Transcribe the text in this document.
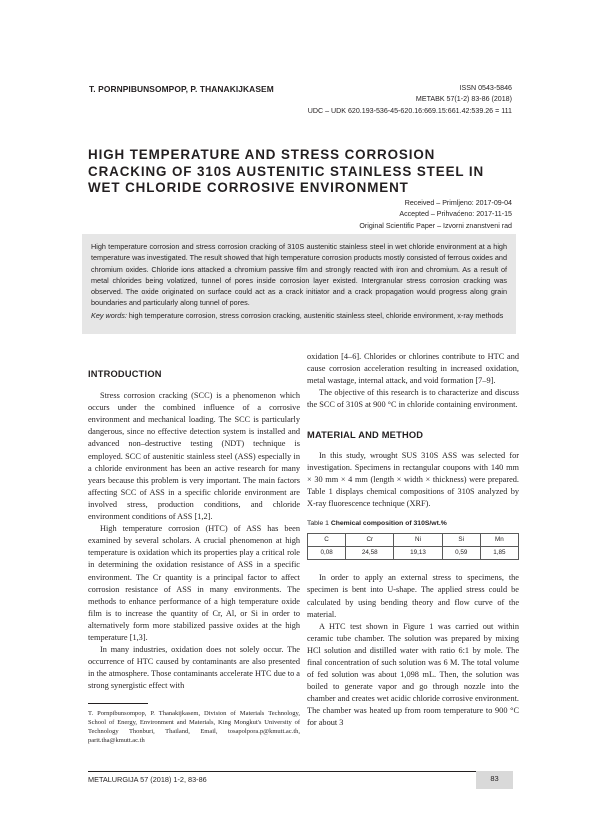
T. PORNPIBUNSOMPOP, P. THANAKIJKASEM	ISSN 0543-5846
METABK 57(1-2) 83-86 (2018)
UDC – UDK 620.193-536-45-620.16:669.15:661.42:539.26 = 111
HIGH TEMPERATURE AND STRESS CORROSION CRACKING OF 310S AUSTENITIC STAINLESS STEEL IN WET CHLORIDE CORROSIVE ENVIRONMENT
Received – Primljeno: 2017-09-04
Accepted – Prihvaćeno: 2017-11-15
Original Scientific Paper – Izvorni znanstveni rad

High temperature corrosion and stress corrosion cracking of 310S austenitic stainless steel in wet chloride environment at a high temperature was investigated. The result showed that high temperature corrosion products mostly consisted of ferrous oxides and chromium oxides. Chloride ions attacked a chromium passive film and strongly reacted with iron and chromium. As a result of metal chlorides being volatized, tunnel of pores inside corrosion layer existed. Intergranular stress corrosion cracking was observed. The oxide originated on surface could act as a crack initiator and a crack propagation would progress along grain boundaries and particularly along tunnel of pores.

Key words: high temperature corrosion, stress corrosion cracking, austenitic stainless steel, chloride environment, x-ray methods

INTRODUCTION

Stress corrosion cracking (SCC) is a phenomenon which occurs under the combined influence of a corrosive environment and mechanical loading. The SCC is particularly dangerous, since no effective detection system is installed and advanced non–destructive testing (NDT) technique is employed. SCC of austenitic stainless steel (ASS) especially in a chloride environment has been an active research for many years because this problem is very important. The main factors affecting SCC of ASS in a specific chloride environment are involved stress, production conditions, and chloride environment conditions of ASS [1,2].

High temperature corrosion (HTC) of ASS has been examined by several scholars. A crucial phenomenon at high temperature is oxidation which its properties play a critical role in determining the oxidation resistance of ASS in a specific environment. The Cr quantity is a principal factor to affect corrosion resistance of ASS in many environments. The methods to enhance performance of a high temperature oxide film is to increase the quantity of Cr, Al, or Si in order to alternatively form more stabilized passive oxides at the high temperature [1,3].

In many industries, oxidation does not solely occur. The occurrence of HTC caused by contaminants are also presented in the atmosphere. Those contaminants accelerate HTC due to a strong synergistic effect with

T. Pornpibunsompop, P. Thanakijkasem, Division of Materials Technology, School of Energy, Environment and Materials, King Mongkut's University of Technology Thonburi, Thailand, Email, tosapolpora.p@kmutt.ac.th, parit.tha@kmutt.ac.th

oxidation [4–6]. Chlorides or chlorines contribute to HTC and cause corrosion acceleration resulting in increased oxidation, metal wastage, internal attack, and void formation [7–9].

The objective of this research is to characterize and discuss the SCC of 310S at 900 °C in chloride containing environment.

MATERIAL AND METHOD

In this study, wrought SUS 310S ASS was selected for investigation. Specimens in rectangular coupons with 140 mm × 30 mm × 4 mm (length × width × thickness) were prepared. Table 1 displays chemical compositions of 310S analyzed by X-ray fluorescence technique (XRF).

Table 1 Chemical composition of 310S/wt.%

C	Cr	Ni	Si	Mn
0,08	24,58	19,13	0,59	1,85

In order to apply an external stress to specimens, the specimen is bent into U-shape. The applied stress could be calculated by using bending theory and flow curve of the material.

A HTC test shown in Figure 1 was carried out within ceramic tube chamber. The solution was prepared by mixing HCl solution and distilled water with ratio 6:1 by mole. The final concentration of such solution was 6 M. The total volume of fed solution was about 1,098 mL. Then, the solution was boiled to generate vapor and go through nozzle into the chamber and creates wet acidic chloride corrosive environment. The chamber was heated up from room temperature to 900 °C for about 3

METALURGIJA 57 (2018) 1-2, 83-86	83
